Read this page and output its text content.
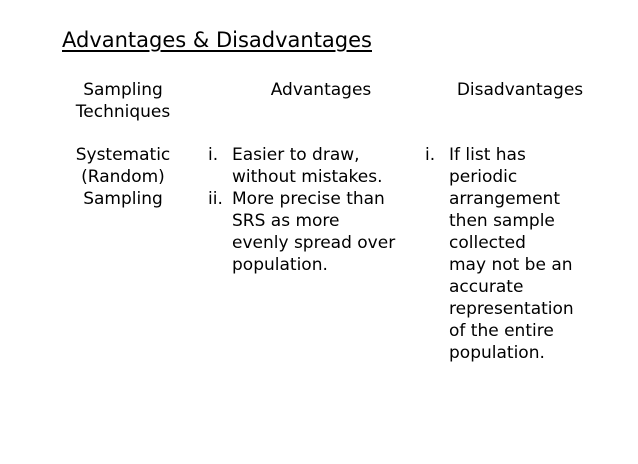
Advantages & Disadvantages
Sampling
Techniques
Advantages	Disadvantages
Systematic
(Random)
Sampling
i. Easier to draw,
without mistakes.
ii. More precise than
SRS as more
evenly spread over
population.
i. If list has
periodic
arrangement
then sample
collected
may not be an
accurate
representation
of the entire
population.
